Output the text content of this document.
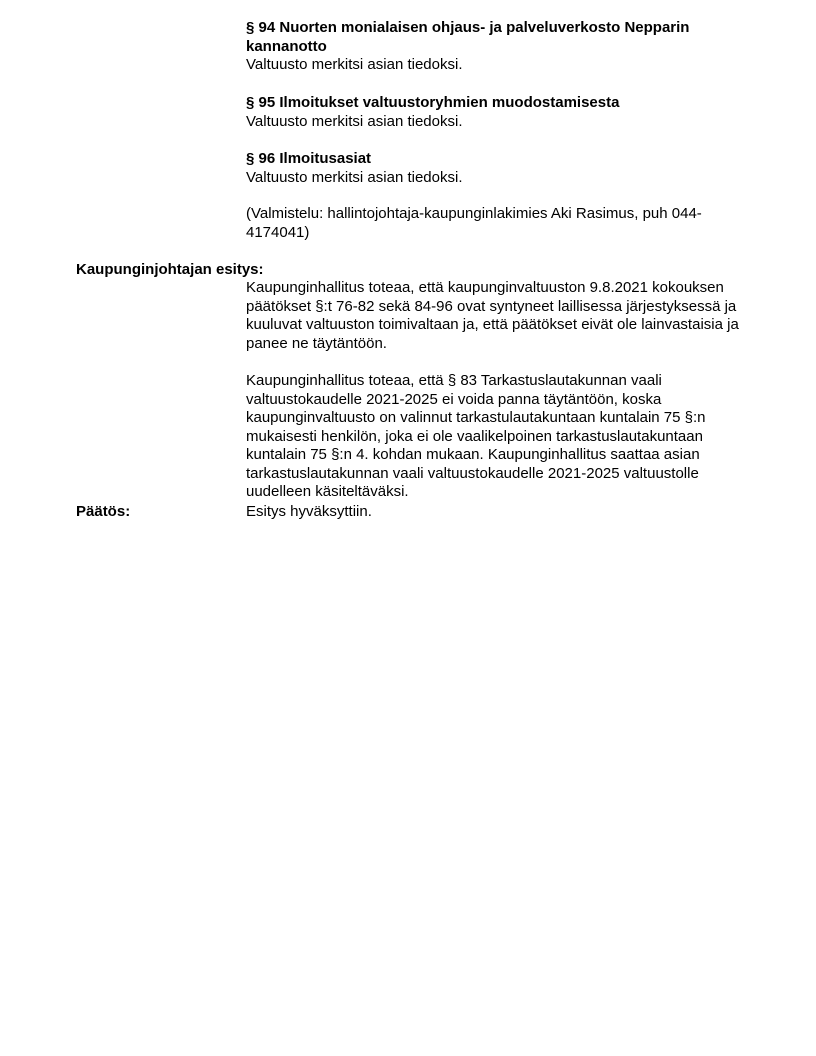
§ 94 Nuorten monialaisen ohjaus- ja palveluverkosto Nepparin kannanotto

Valtuusto merkitsi asian tiedoksi.

§ 95 Ilmoitukset valtuustoryhmien muodostamisesta

Valtuusto merkitsi asian tiedoksi.

§ 96 Ilmoitusasiat

Valtuusto merkitsi asian tiedoksi.

(Valmistelu: hallintojohtaja-kaupunginlakimies Aki Rasimus, puh 044-4174041)

Kaupunginjohtajan esitys:

Kaupunginhallitus toteaa, että kaupunginvaltuuston 9.8.2021 kokouksen päätökset §:t 76-82 sekä 84-96 ovat syntyneet laillisessa järjestyksessä ja kuuluvat valtuuston toimivaltaan ja, että päätökset eivät ole lainvastaisia ja panee ne täytäntöön.

Kaupunginhallitus toteaa, että § 83 Tarkastuslautakunnan vaali valtuustokaudelle 2021-2025 ei voida panna täytäntöön, koska kaupunginvaltuusto on valinnut tarkastulautakuntaan kuntalain 75 §:n mukaisesti henkilön, joka ei ole vaalikelpoinen tarkastuslautakuntaan kuntalain 75 §:n 4. kohdan mukaan. Kaupunginhallitus saattaa asian tarkastuslautakunnan vaali valtuustokaudelle 2021-2025 valtuustolle uudelleen käsiteltäväksi.

Päätös:	Esitys hyväksyttiin.
